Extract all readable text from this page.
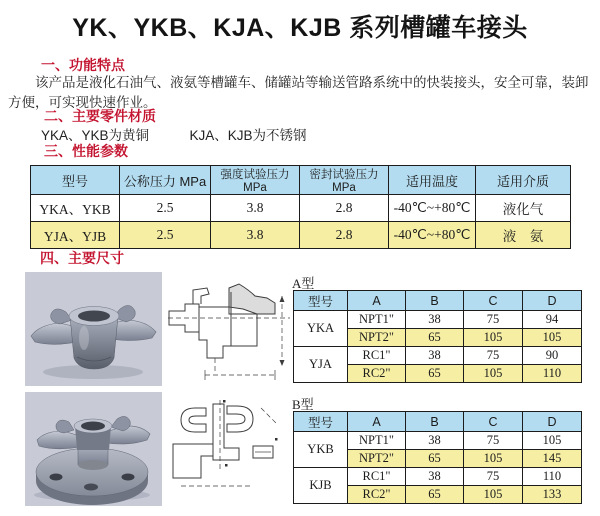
YK、YKB、KJA、KJB 系列槽罐车接头
一、功能特点

该产品是液化石油气、液氨等槽罐车、储罐站等输送管路系统中的快装接头，安全可靠，装卸方便，可实现快速作业。

二、主要零件材质
YKA、YKB为黄铜　　　KJA、KJB为不锈钢
三、性能参数
型号	公称压力 MPa	强度试验压力MPa	密封试验压力MPa	适用温度	适用介质
YKA、YKB	2.5	3.8	2.8	-40℃~+80℃	液化气
YJA、YJB	2.5	3.8	2.8	-40℃~+80℃	液　氨
四、主要尺寸
A型
型号	A	B	C	D
YKA	NPT1"	38	75	94
	NPT2"	65	105	105
YJA	RC1"	38	75	90
	RC2"	65	105	110
B型
型号	A	B	C	D
YKB	NPT1"	38	75	105
	NPT2"	65	105	145
KJB	RC1"	38	75	110
	RC2"	65	105	133
